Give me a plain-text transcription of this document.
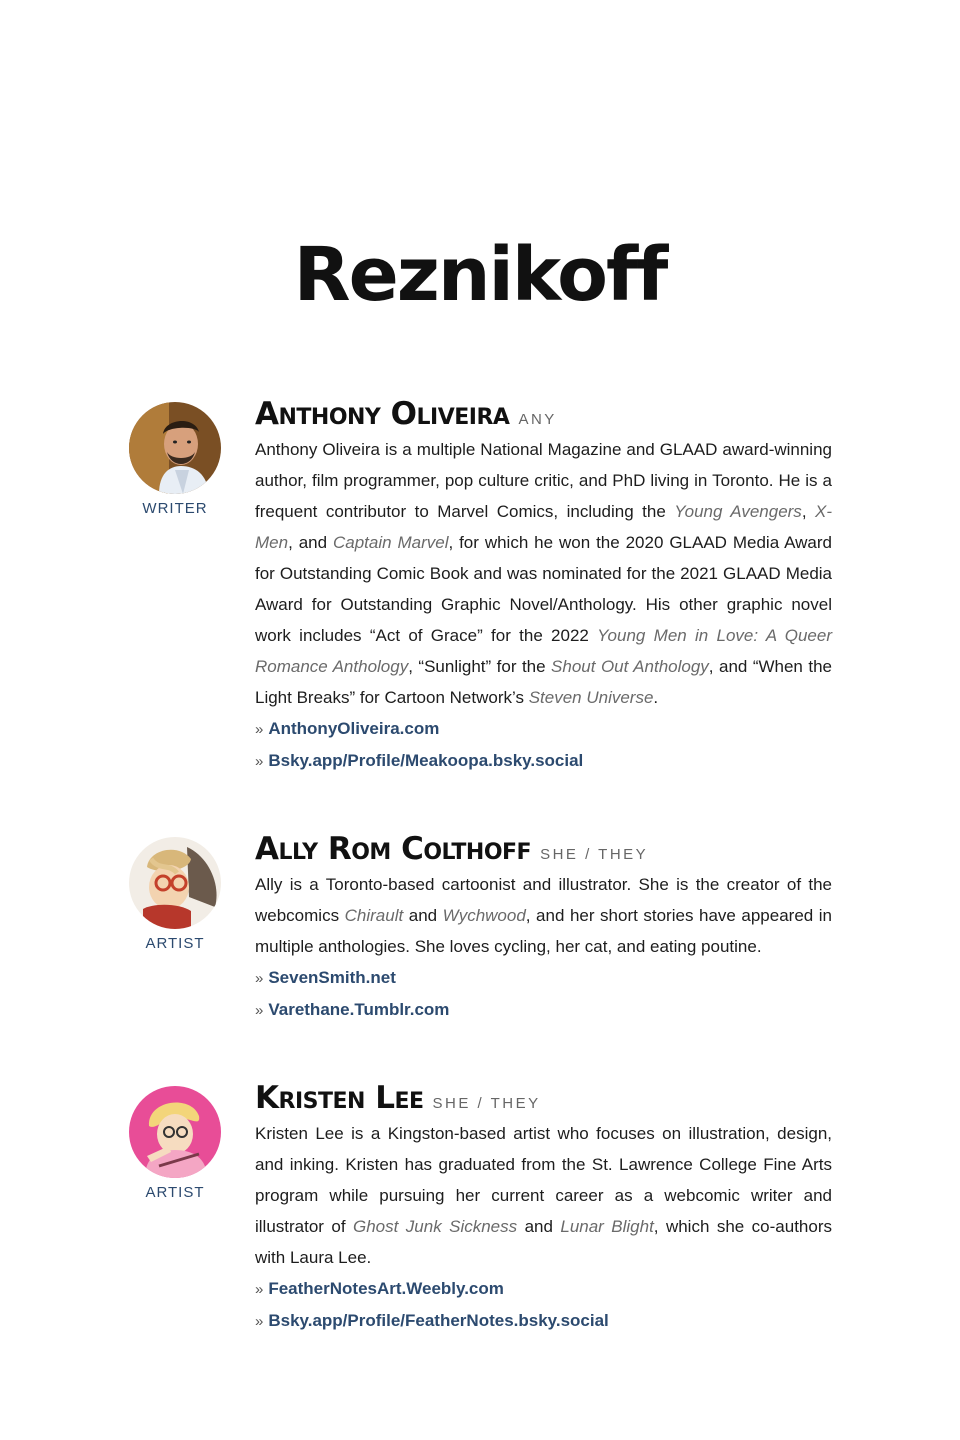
Reznikoff
WRITER
Anthony Oliveira ANY

Anthony Oliveira is a multiple National Magazine and GLAAD award-winning author, film programmer, pop culture critic, and PhD living in Toronto. He is a frequent contributor to Marvel Comics, including the Young Avengers, X-Men, and Captain Marvel, for which he won the 2020 GLAAD Media Award for Outstanding Comic Book and was nominated for the 2021 GLAAD Media Award for Outstanding Graphic Novel/Anthology. His other graphic novel work includes “Act of Grace” for the 2022 Young Men in Love: A Queer Romance Anthology, “Sunlight” for the Shout Out Anthology, and “When the Light Breaks” for Cartoon Network’s Steven Universe.

» AnthonyOliveira.com
» Bsky.app/Profile/Meakoopa.bsky.social
ARTIST
Ally Rom Colthoff SHE / THEY

Ally is a Toronto-based cartoonist and illustrator. She is the creator of the webcomics Chirault and Wychwood, and her short stories have appeared in multiple anthologies. She loves cycling, her cat, and eating poutine.

» SevenSmith.net
» Varethane.Tumblr.com
ARTIST
Kristen Lee SHE / THEY

Kristen Lee is a Kingston-based artist who focuses on illustration, design, and inking. Kristen has graduated from the St. Lawrence College Fine Arts program while pursuing her current career as a webcomic writer and illustrator of Ghost Junk Sickness and Lunar Blight, which she co-authors with Laura Lee.

» FeatherNotesArt.Weebly.com
» Bsky.app/Profile/FeatherNotes.bsky.social
